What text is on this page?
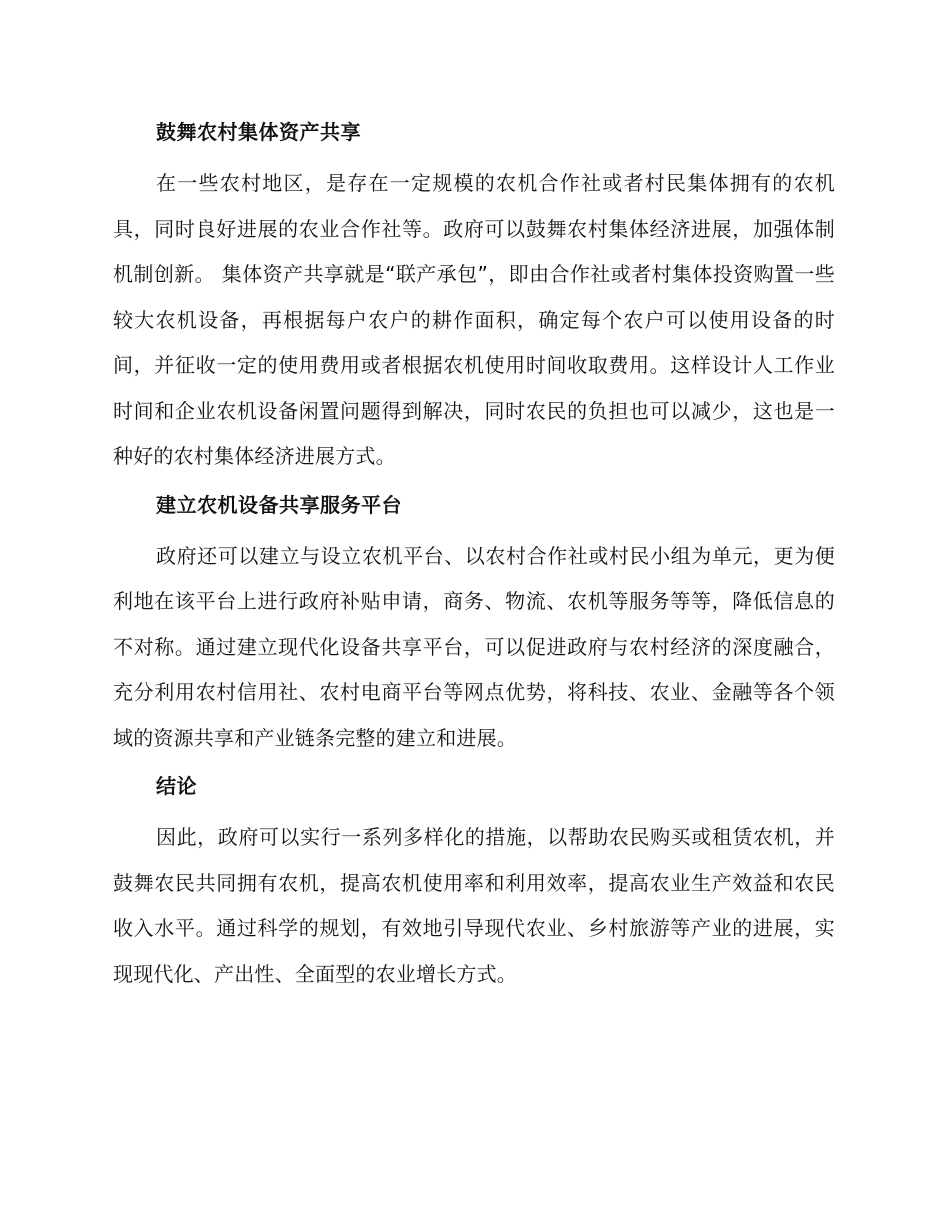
鼓舞农村集体资产共享

在一些农村地区，是存在一定规模的农机合作社或者村民集体拥有的农机具，同时良好进展的农业合作社等。政府可以鼓舞农村集体经济进展，加强体制机制创新。 集体资产共享就是“联产承包”，即由合作社或者村集体投资购置一些较大农机设备，再根据每户农户的耕作面积，确定每个农户可以使用设备的时间，并征收一定的使用费用或者根据农机使用时间收取费用。这样设计人工作业时间和企业农机设备闲置问题得到解决，同时农民的负担也可以减少，这也是一种好的农村集体经济进展方式。

建立农机设备共享服务平台

政府还可以建立与设立农机平台、以农村合作社或村民小组为单元，更为便利地在该平台上进行政府补贴申请，商务、物流、农机等服务等等，降低信息的不对称。通过建立现代化设备共享平台，可以促进政府与农村经济的深度融合，充分利用农村信用社、农村电商平台等网点优势，将科技、农业、金融等各个领域的资源共享和产业链条完整的建立和进展。

结论

因此，政府可以实行一系列多样化的措施，以帮助农民购买或租赁农机，并鼓舞农民共同拥有农机，提高农机使用率和利用效率，提高农业生产效益和农民收入水平。通过科学的规划，有效地引导现代农业、乡村旅游等产业的进展，实现现代化、产出性、全面型的农业增长方式。
